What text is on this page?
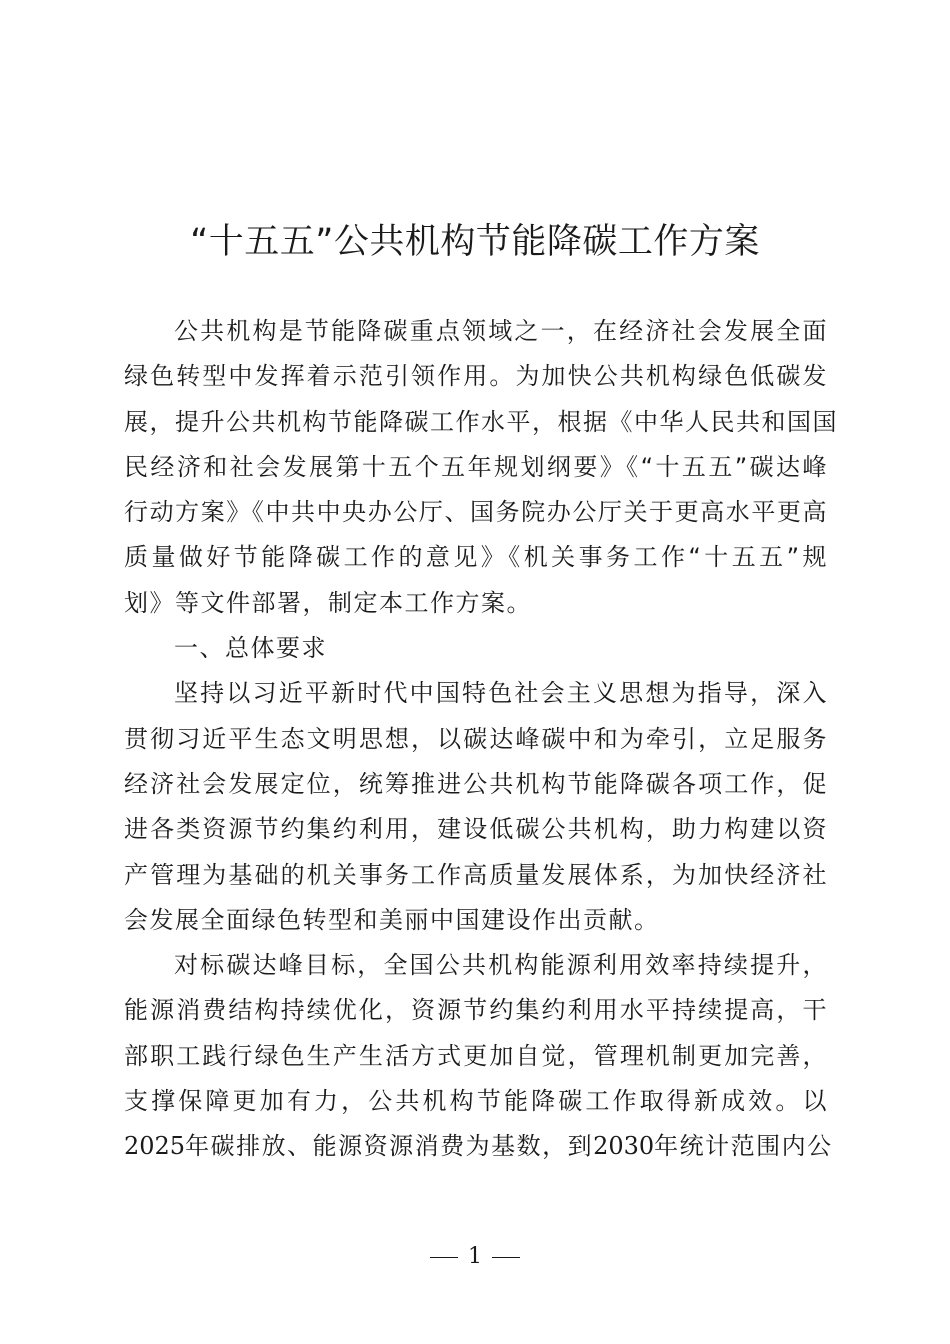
“十五五”公共机构节能降碳工作方案
公共机构是节能降碳重点领域之一，在经济社会发展全面
绿色转型中发挥着示范引领作用。为加快公共机构绿色低碳发
展，提升公共机构节能降碳工作水平，根据《中华人民共和国国
民经济和社会发展第十五个五年规划纲要》《“十五五”碳达峰
行动方案》《中共中央办公厅、国务院办公厅关于更高水平更高
质量做好节能降碳工作的意见》《机关事务工作“十五五”规
划》等文件部署，制定本工作方案。
一、总体要求
坚持以习近平新时代中国特色社会主义思想为指导，深入
贯彻习近平生态文明思想，以碳达峰碳中和为牵引，立足服务
经济社会发展定位，统筹推进公共机构节能降碳各项工作，促
进各类资源节约集约利用，建设低碳公共机构，助力构建以资
产管理为基础的机关事务工作高质量发展体系，为加快经济社
会发展全面绿色转型和美丽中国建设作出贡献。
对标碳达峰目标，全国公共机构能源利用效率持续提升，
能源消费结构持续优化，资源节约集约利用水平持续提高，干
部职工践行绿色生产生活方式更加自觉，管理机制更加完善，
支撑保障更加有力，公共机构节能降碳工作取得新成效。以
2025年碳排放、能源资源消费为基数，到2030年统计范围内公
1
